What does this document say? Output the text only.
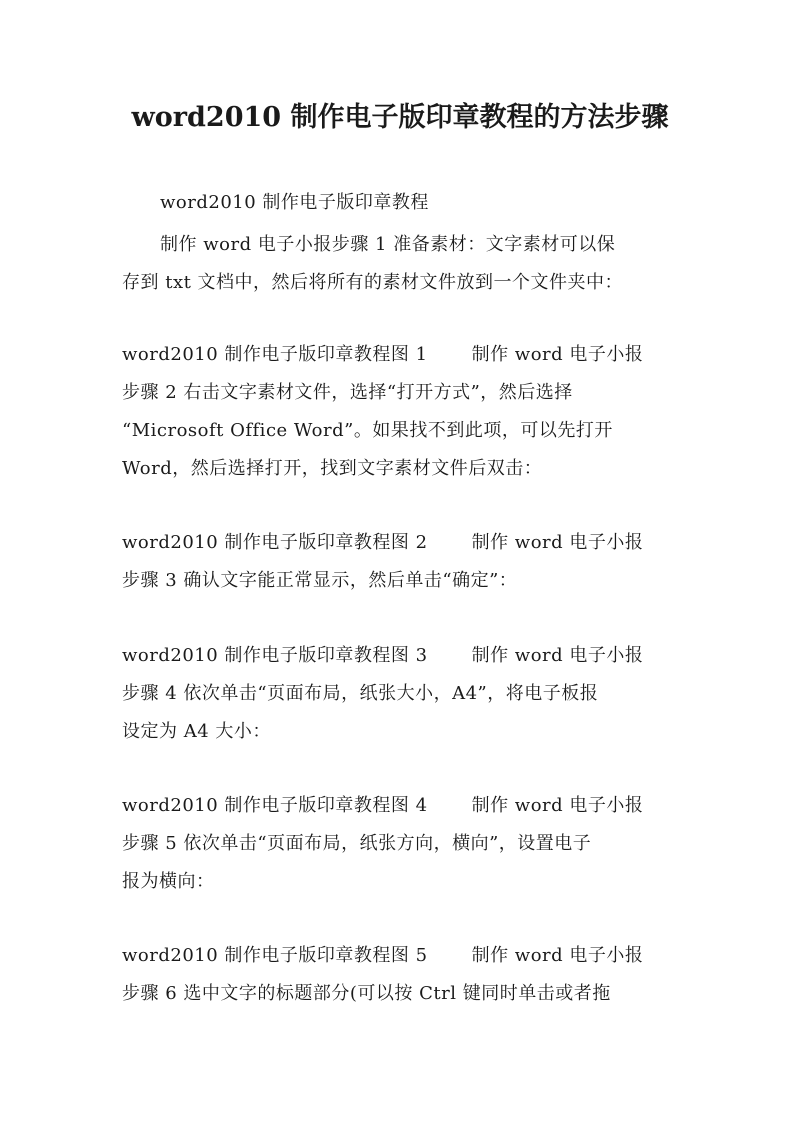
word2010 制作电子版印章教程的方法步骤
word2010 制作电子版印章教程
制作 word 电子小报步骤 1 准备素材：文字素材可以保
存到 txt 文档中，然后将所有的素材文件放到一个文件夹中：
word2010 制作电子版印章教程图 1 制作 word 电子小报
步骤 2 右击文字素材文件，选择“打开方式”，然后选择
“Microsoft Office Word”。如果找不到此项，可以先打开
Word，然后选择打开，找到文字素材文件后双击：
word2010 制作电子版印章教程图 2 制作 word 电子小报
步骤 3 确认文字能正常显示，然后单击“确定”：
word2010 制作电子版印章教程图 3 制作 word 电子小报
步骤 4 依次单击“页面布局，纸张大小，A4”，将电子板报
设定为 A4 大小：
word2010 制作电子版印章教程图 4 制作 word 电子小报
步骤 5 依次单击“页面布局，纸张方向，横向”，设置电子
报为横向：
word2010 制作电子版印章教程图 5 制作 word 电子小报
步骤 6 选中文字的标题部分(可以按 Ctrl 键同时单击或者拖
